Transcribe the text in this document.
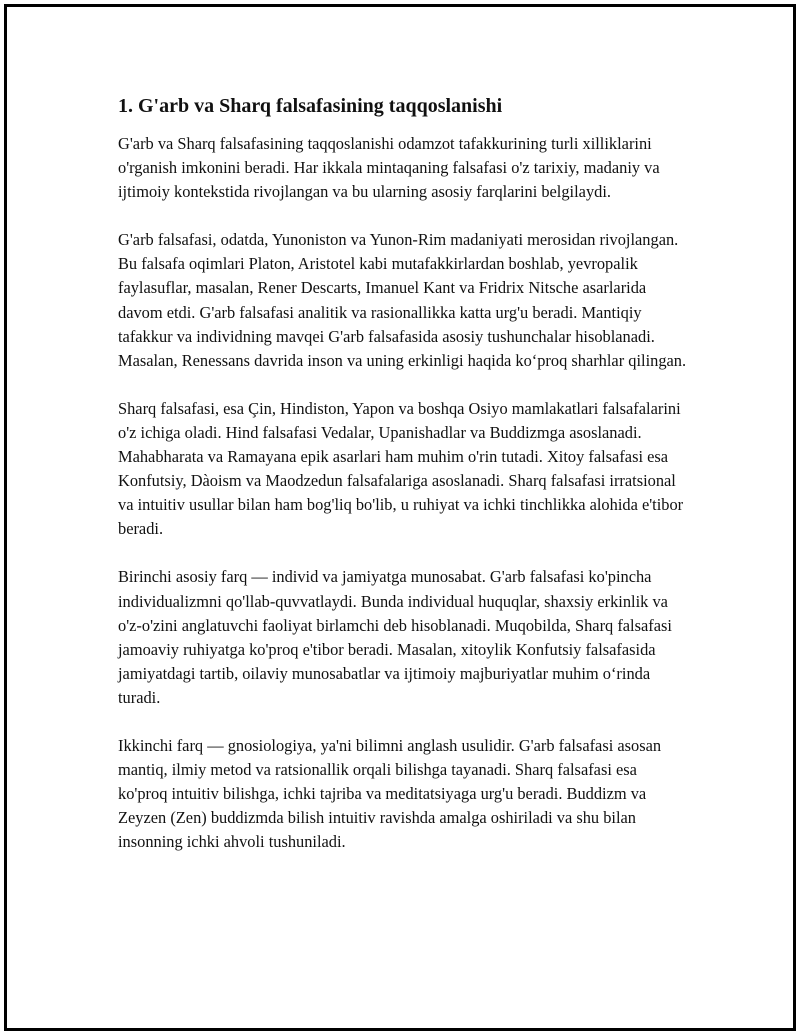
1. G'arb va Sharq falsafasining taqqoslanishi

G'arb va Sharq falsafasining taqqoslanishi odamzot tafakkurining turli xilliklarini o'rganish imkonini beradi. Har ikkala mintaqaning falsafasi o'z tarixiy, madaniy va ijtimoiy kontekstida rivojlangan va bu ularning asosiy farqlarini belgilaydi.

G'arb falsafasi, odatda, Yunoniston va Yunon-Rim madaniyati merosidan rivojlangan. Bu falsafa oqimlari Platon, Aristotel kabi mutafakkirlardan boshlab, yevropalik faylasuflar, masalan, Rener Descarts, Imanuel Kant va Fridrix Nitsche asarlarida davom etdi. G'arb falsafasi analitik va rasionallikka katta urg'u beradi. Mantiqiy tafakkur va individning mavqei G'arb falsafasida asosiy tushunchalar hisoblanadi. Masalan, Renessans davrida inson va uning erkinligi haqida ko‘proq sharhlar qilingan.

Sharq falsafasi, esa Çin, Hindiston, Yapon va boshqa Osiyo mamlakatlari falsafalarini o'z ichiga oladi. Hind falsafasi Vedalar, Upanishadlar va Buddizmga asoslanadi. Mahabharata va Ramayana epik asarlari ham muhim o'rin tutadi. Xitoy falsafasi esa Konfutsiy, Dàoism va Maodzedun falsafalariga asoslanadi. Sharq falsafasi irratsional va intuitiv usullar bilan ham bog'liq bo'lib, u ruhiyat va ichki tinchlikka alohida e'tibor beradi.

Birinchi asosiy farq — individ va jamiyatga munosabat. G'arb falsafasi ko'pincha individualizmni qo'llab-quvvatlaydi. Bunda individual huquqlar, shaxsiy erkinlik va o'z-o'zini anglatuvchi faoliyat birlamchi deb hisoblanadi. Muqobilda, Sharq falsafasi jamoaviy ruhiyatga ko'proq e'tibor beradi. Masalan, xitoylik Konfutsiy falsafasida jamiyatdagi tartib, oilaviy munosabatlar va ijtimoiy majburiyatlar muhim o‘rinda turadi.

Ikkinchi farq — gnosiologiya, ya'ni bilimni anglash usulidir. G'arb falsafasi asosan mantiq, ilmiy metod va ratsionallik orqali bilishga tayanadi. Sharq falsafasi esa ko'proq intuitiv bilishga, ichki tajriba va meditatsiyaga urg'u beradi. Buddizm va Zeyzen (Zen) buddizmda bilish intuitiv ravishda amalga oshiriladi va shu bilan insonning ichki ahvoli tushuniladi.
